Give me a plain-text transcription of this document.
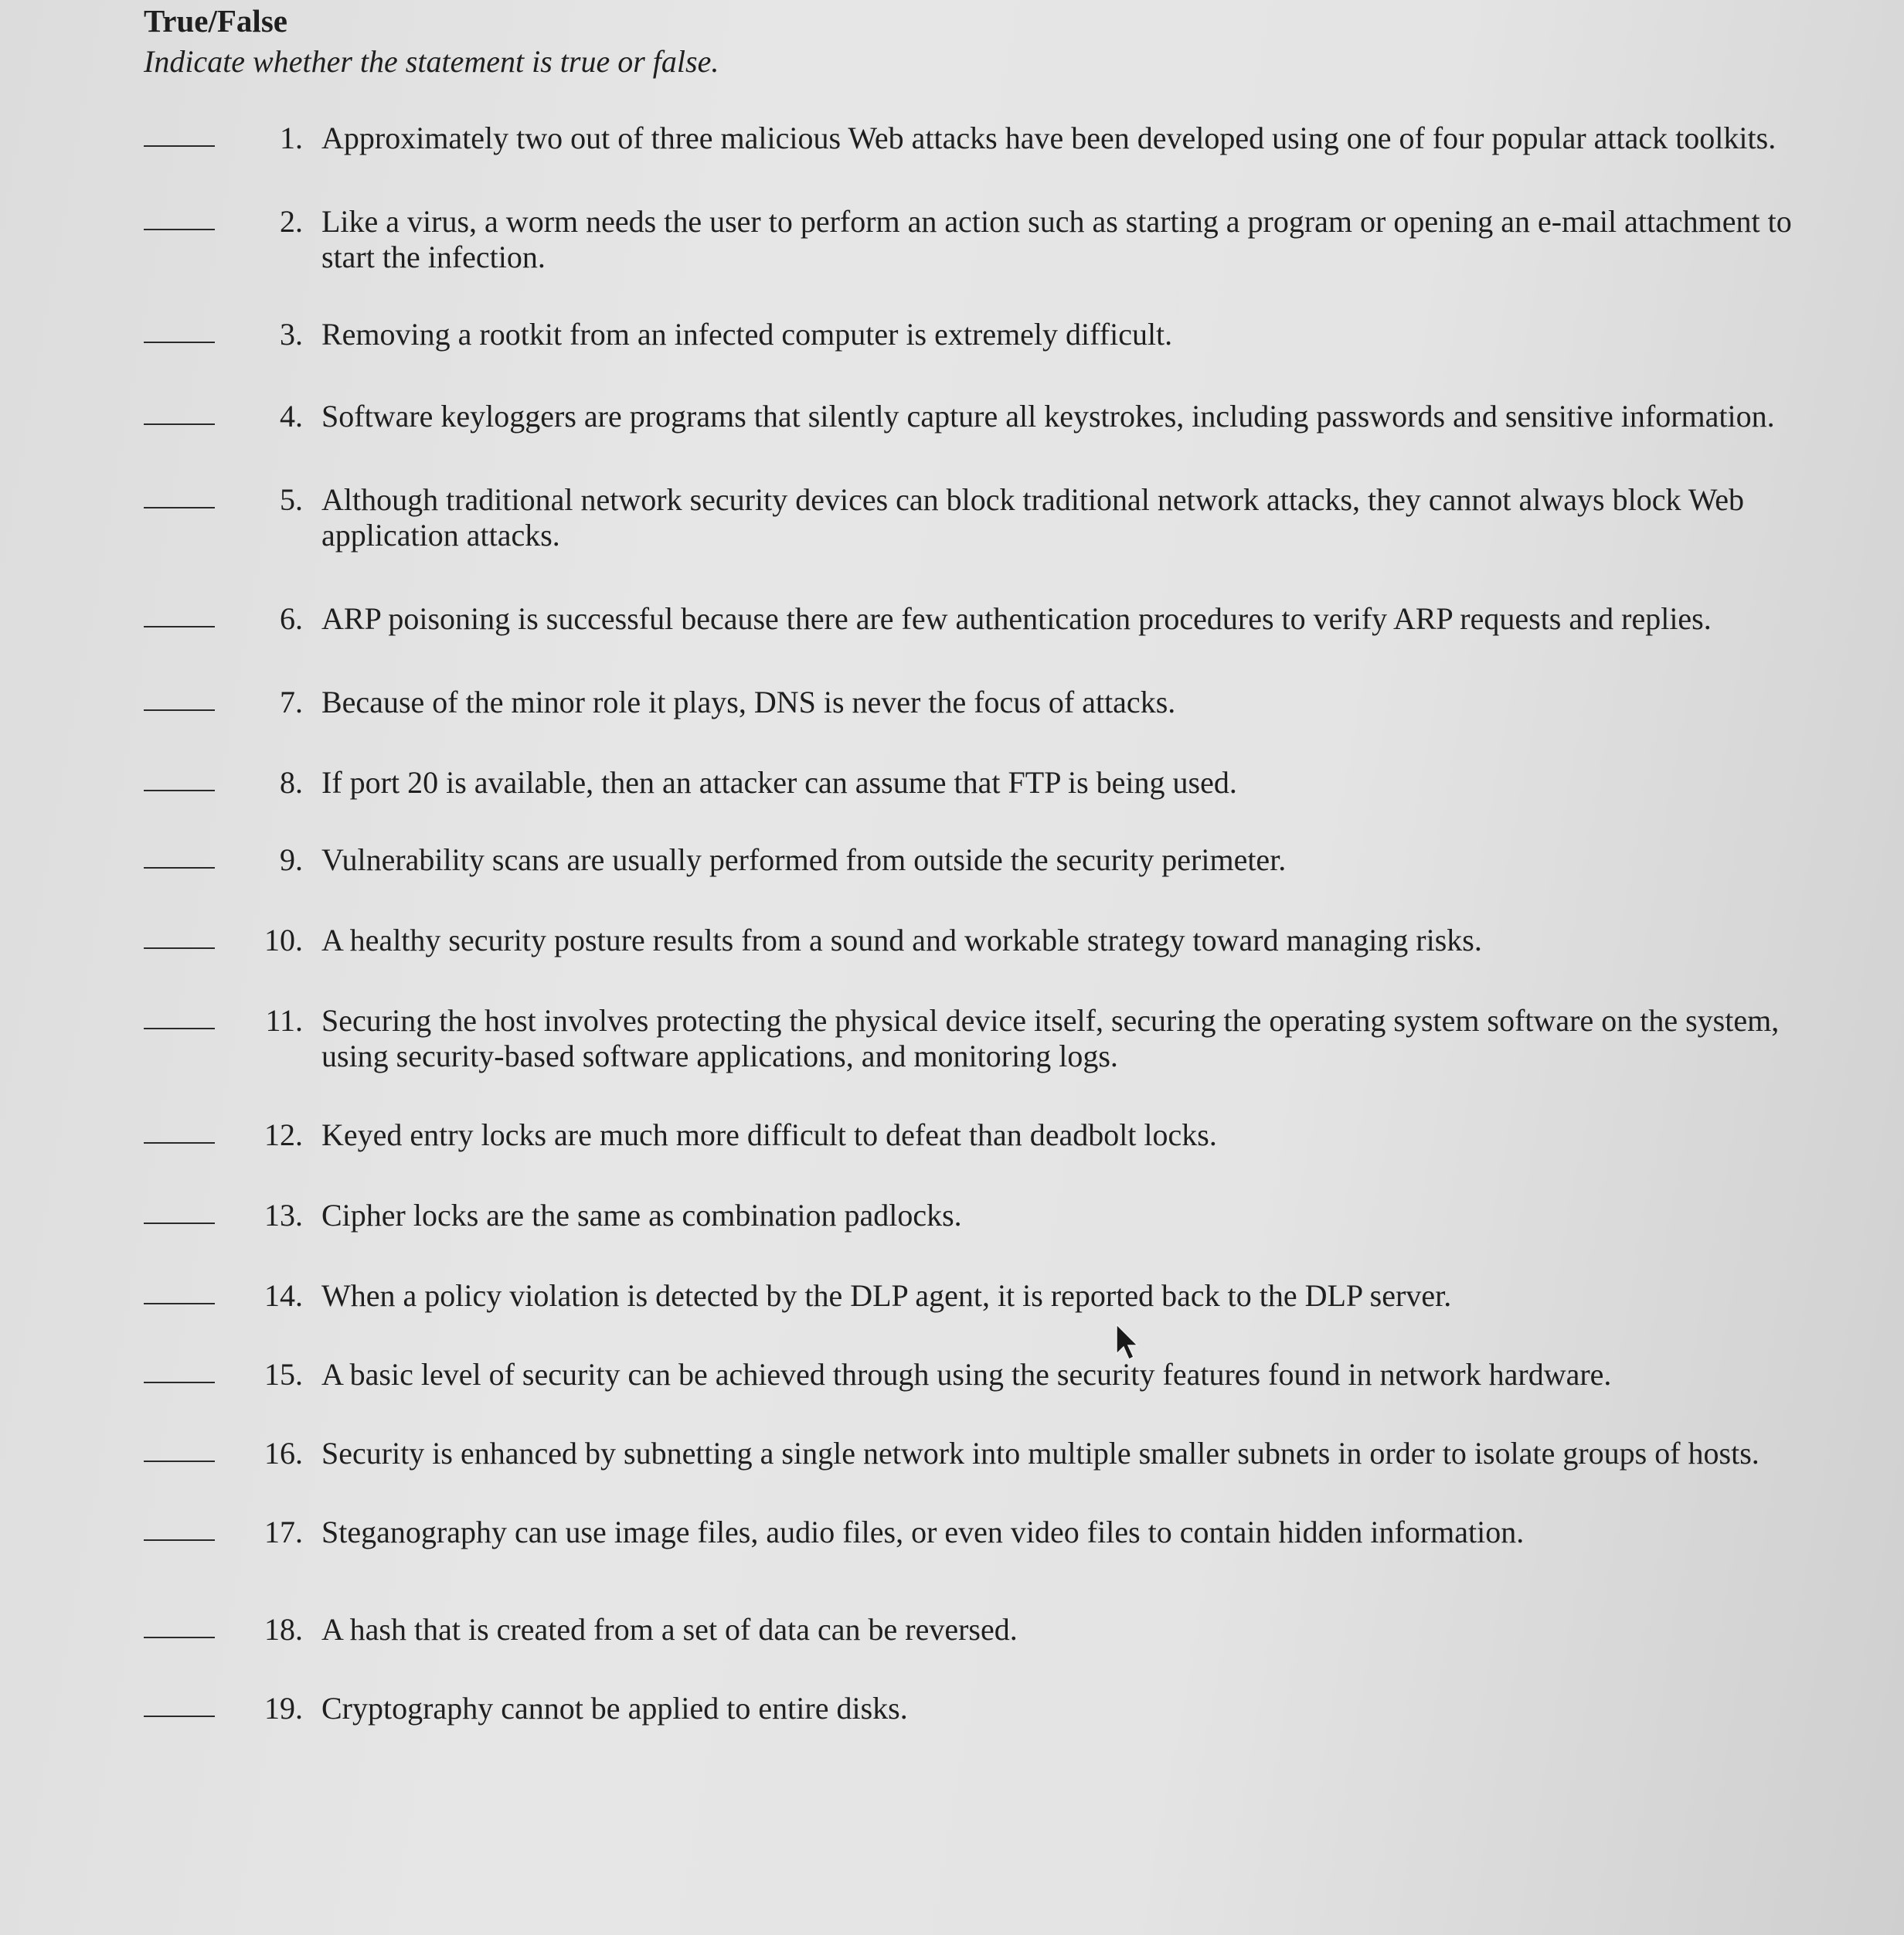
True/False

Indicate whether the statement is true or false.

1. Approximately two out of three malicious Web attacks have been developed using one of four popular attack toolkits.
2. Like a virus, a worm needs the user to perform an action such as starting a program or opening an e-mail attachment to start the infection.
3. Removing a rootkit from an infected computer is extremely difficult.
4. Software keyloggers are programs that silently capture all keystrokes, including passwords and sensitive information.
5. Although traditional network security devices can block traditional network attacks, they cannot always block Web application attacks.
6. ARP poisoning is successful because there are few authentication procedures to verify ARP requests and replies.
7. Because of the minor role it plays, DNS is never the focus of attacks.
8. If port 20 is available, then an attacker can assume that FTP is being used.
9. Vulnerability scans are usually performed from outside the security perimeter.
10. A healthy security posture results from a sound and workable strategy toward managing risks.
11. Securing the host involves protecting the physical device itself, securing the operating system software on the system, using security-based software applications, and monitoring logs.
12. Keyed entry locks are much more difficult to defeat than deadbolt locks.
13. Cipher locks are the same as combination padlocks.
14. When a policy violation is detected by the DLP agent, it is reported back to the DLP server.
15. A basic level of security can be achieved through using the security features found in network hardware.
16. Security is enhanced by subnetting a single network into multiple smaller subnets in order to isolate groups of hosts.
17. Steganography can use image files, audio files, or even video files to contain hidden information.
18. A hash that is created from a set of data can be reversed.
19. Cryptography cannot be applied to entire disks.
